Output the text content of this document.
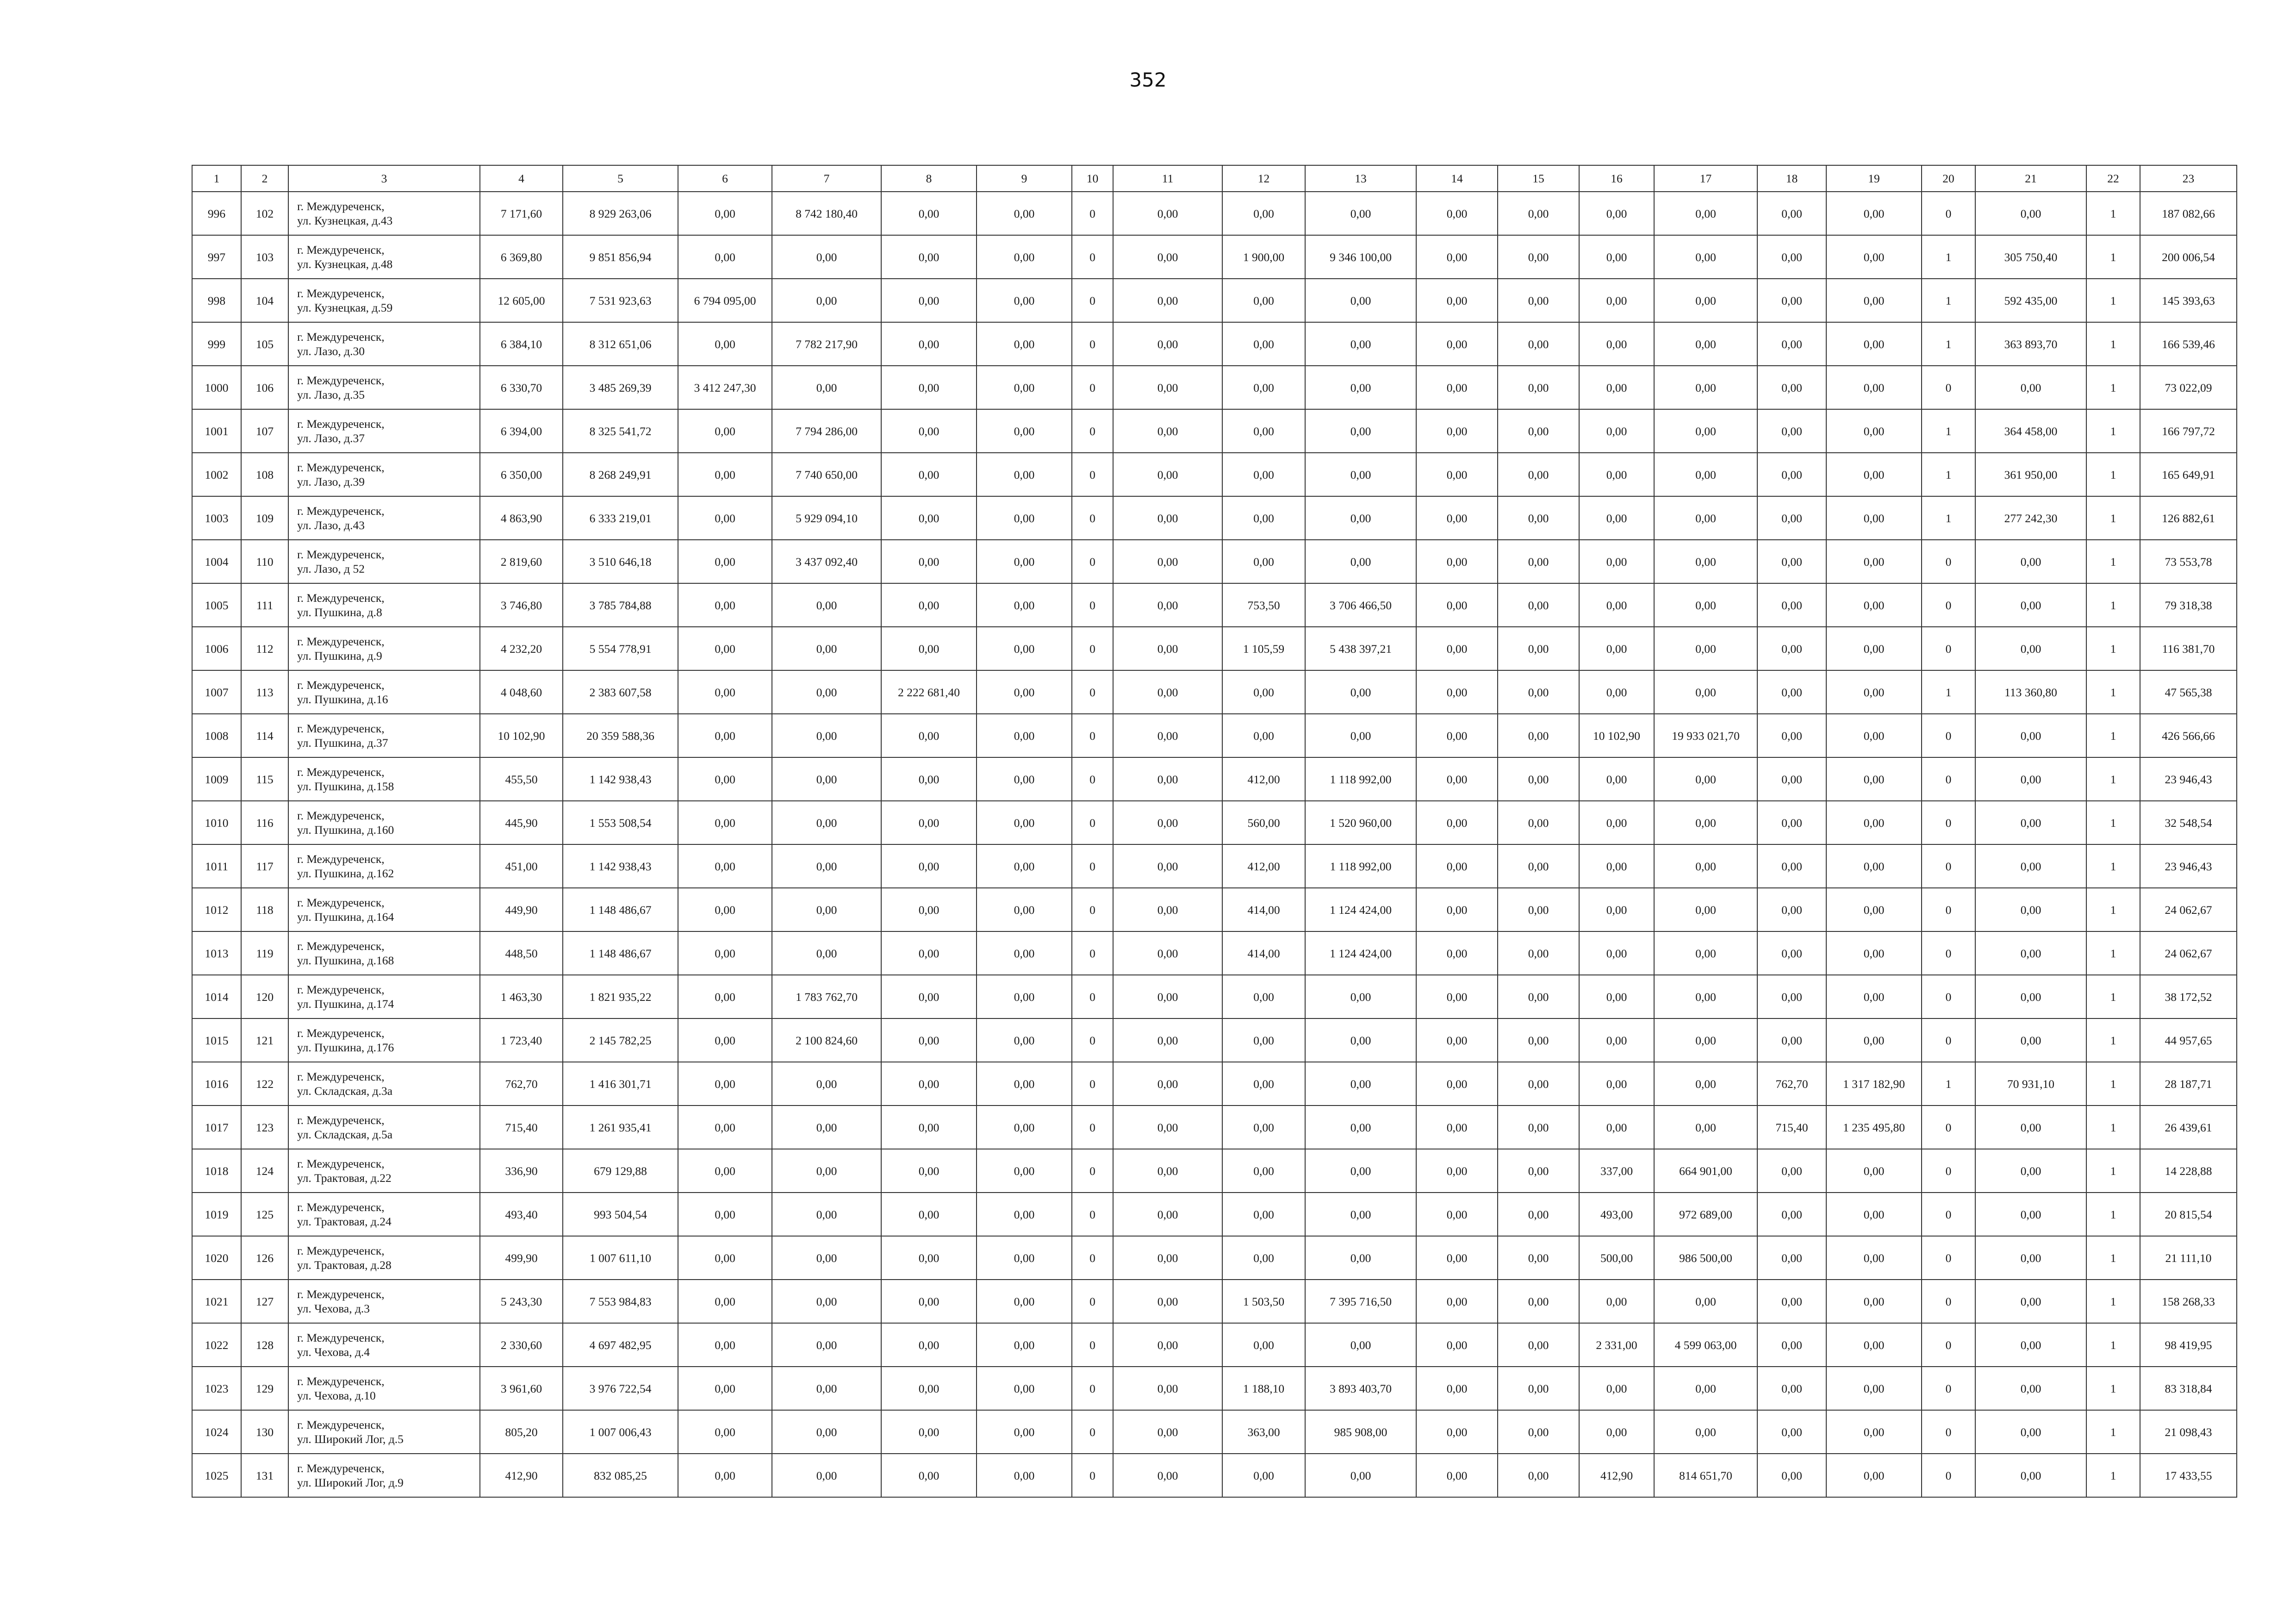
352
1	2	3	4	5	6	7	8	9	10	11	12	13	14	15	16	17	18	19	20	21	22	23
996	102	г. Междуреченск,
ул. Кузнецкая, д.43	7 171,60	8 929 263,06	0,00	8 742 180,40	0,00	0,00	0	0,00	0,00	0,00	0,00	0,00	0,00	0,00	0,00	0,00	0	0,00	1	187 082,66
997	103	г. Междуреченск,
ул. Кузнецкая, д.48	6 369,80	9 851 856,94	0,00	0,00	0,00	0,00	0	0,00	1 900,00	9 346 100,00	0,00	0,00	0,00	0,00	0,00	0,00	1	305 750,40	1	200 006,54
998	104	г. Междуреченск,
ул. Кузнецкая, д.59	12 605,00	7 531 923,63	6 794 095,00	0,00	0,00	0,00	0	0,00	0,00	0,00	0,00	0,00	0,00	0,00	0,00	0,00	1	592 435,00	1	145 393,63
999	105	г. Междуреченск,
ул. Лазо, д.30	6 384,10	8 312 651,06	0,00	7 782 217,90	0,00	0,00	0	0,00	0,00	0,00	0,00	0,00	0,00	0,00	0,00	0,00	1	363 893,70	1	166 539,46
1000	106	г. Междуреченск,
ул. Лазо, д.35	6 330,70	3 485 269,39	3 412 247,30	0,00	0,00	0,00	0	0,00	0,00	0,00	0,00	0,00	0,00	0,00	0,00	0,00	0	0,00	1	73 022,09
1001	107	г. Междуреченск,
ул. Лазо, д.37	6 394,00	8 325 541,72	0,00	7 794 286,00	0,00	0,00	0	0,00	0,00	0,00	0,00	0,00	0,00	0,00	0,00	0,00	1	364 458,00	1	166 797,72
1002	108	г. Междуреченск,
ул. Лазо, д.39	6 350,00	8 268 249,91	0,00	7 740 650,00	0,00	0,00	0	0,00	0,00	0,00	0,00	0,00	0,00	0,00	0,00	0,00	1	361 950,00	1	165 649,91
1003	109	г. Междуреченск,
ул. Лазо, д.43	4 863,90	6 333 219,01	0,00	5 929 094,10	0,00	0,00	0	0,00	0,00	0,00	0,00	0,00	0,00	0,00	0,00	0,00	1	277 242,30	1	126 882,61
1004	110	г. Междуреченск,
ул. Лазо, д 52	2 819,60	3 510 646,18	0,00	3 437 092,40	0,00	0,00	0	0,00	0,00	0,00	0,00	0,00	0,00	0,00	0,00	0,00	0	0,00	1	73 553,78
1005	111	г. Междуреченск,
ул. Пушкина, д.8	3 746,80	3 785 784,88	0,00	0,00	0,00	0,00	0	0,00	753,50	3 706 466,50	0,00	0,00	0,00	0,00	0,00	0,00	0	0,00	1	79 318,38
1006	112	г. Междуреченск,
ул. Пушкина, д.9	4 232,20	5 554 778,91	0,00	0,00	0,00	0,00	0	0,00	1 105,59	5 438 397,21	0,00	0,00	0,00	0,00	0,00	0,00	0	0,00	1	116 381,70
1007	113	г. Междуреченск,
ул. Пушкина, д.16	4 048,60	2 383 607,58	0,00	0,00	2 222 681,40	0,00	0	0,00	0,00	0,00	0,00	0,00	0,00	0,00	0,00	0,00	1	113 360,80	1	47 565,38
1008	114	г. Междуреченск,
ул. Пушкина, д.37	10 102,90	20 359 588,36	0,00	0,00	0,00	0,00	0	0,00	0,00	0,00	0,00	0,00	10 102,90	19 933 021,70	0,00	0,00	0	0,00	1	426 566,66
1009	115	г. Междуреченск,
ул. Пушкина, д.158	455,50	1 142 938,43	0,00	0,00	0,00	0,00	0	0,00	412,00	1 118 992,00	0,00	0,00	0,00	0,00	0,00	0,00	0	0,00	1	23 946,43
1010	116	г. Междуреченск,
ул. Пушкина, д.160	445,90	1 553 508,54	0,00	0,00	0,00	0,00	0	0,00	560,00	1 520 960,00	0,00	0,00	0,00	0,00	0,00	0,00	0	0,00	1	32 548,54
1011	117	г. Междуреченск,
ул. Пушкина, д.162	451,00	1 142 938,43	0,00	0,00	0,00	0,00	0	0,00	412,00	1 118 992,00	0,00	0,00	0,00	0,00	0,00	0,00	0	0,00	1	23 946,43
1012	118	г. Междуреченск,
ул. Пушкина, д.164	449,90	1 148 486,67	0,00	0,00	0,00	0,00	0	0,00	414,00	1 124 424,00	0,00	0,00	0,00	0,00	0,00	0,00	0	0,00	1	24 062,67
1013	119	г. Междуреченск,
ул. Пушкина, д.168	448,50	1 148 486,67	0,00	0,00	0,00	0,00	0	0,00	414,00	1 124 424,00	0,00	0,00	0,00	0,00	0,00	0,00	0	0,00	1	24 062,67
1014	120	г. Междуреченск,
ул. Пушкина, д.174	1 463,30	1 821 935,22	0,00	1 783 762,70	0,00	0,00	0	0,00	0,00	0,00	0,00	0,00	0,00	0,00	0,00	0,00	0	0,00	1	38 172,52
1015	121	г. Междуреченск,
ул. Пушкина, д.176	1 723,40	2 145 782,25	0,00	2 100 824,60	0,00	0,00	0	0,00	0,00	0,00	0,00	0,00	0,00	0,00	0,00	0,00	0	0,00	1	44 957,65
1016	122	г. Междуреченск,
ул. Складская, д.3а	762,70	1 416 301,71	0,00	0,00	0,00	0,00	0	0,00	0,00	0,00	0,00	0,00	0,00	0,00	762,70	1 317 182,90	1	70 931,10	1	28 187,71
1017	123	г. Междуреченск,
ул. Складская, д.5а	715,40	1 261 935,41	0,00	0,00	0,00	0,00	0	0,00	0,00	0,00	0,00	0,00	0,00	0,00	715,40	1 235 495,80	0	0,00	1	26 439,61
1018	124	г. Междуреченск,
ул. Трактовая, д.22	336,90	679 129,88	0,00	0,00	0,00	0,00	0	0,00	0,00	0,00	0,00	0,00	337,00	664 901,00	0,00	0,00	0	0,00	1	14 228,88
1019	125	г. Междуреченск,
ул. Трактовая, д.24	493,40	993 504,54	0,00	0,00	0,00	0,00	0	0,00	0,00	0,00	0,00	0,00	493,00	972 689,00	0,00	0,00	0	0,00	1	20 815,54
1020	126	г. Междуреченск,
ул. Трактовая, д.28	499,90	1 007 611,10	0,00	0,00	0,00	0,00	0	0,00	0,00	0,00	0,00	0,00	500,00	986 500,00	0,00	0,00	0	0,00	1	21 111,10
1021	127	г. Междуреченск,
ул. Чехова, д.3	5 243,30	7 553 984,83	0,00	0,00	0,00	0,00	0	0,00	1 503,50	7 395 716,50	0,00	0,00	0,00	0,00	0,00	0,00	0	0,00	1	158 268,33
1022	128	г. Междуреченск,
ул. Чехова, д.4	2 330,60	4 697 482,95	0,00	0,00	0,00	0,00	0	0,00	0,00	0,00	0,00	0,00	2 331,00	4 599 063,00	0,00	0,00	0	0,00	1	98 419,95
1023	129	г. Междуреченск,
ул. Чехова, д.10	3 961,60	3 976 722,54	0,00	0,00	0,00	0,00	0	0,00	1 188,10	3 893 403,70	0,00	0,00	0,00	0,00	0,00	0,00	0	0,00	1	83 318,84
1024	130	г. Междуреченск,
ул. Широкий Лог, д.5	805,20	1 007 006,43	0,00	0,00	0,00	0,00	0	0,00	363,00	985 908,00	0,00	0,00	0,00	0,00	0,00	0,00	0	0,00	1	21 098,43
1025	131	г. Междуреченск,
ул. Широкий Лог, д.9	412,90	832 085,25	0,00	0,00	0,00	0,00	0	0,00	0,00	0,00	0,00	0,00	412,90	814 651,70	0,00	0,00	0	0,00	1	17 433,55
